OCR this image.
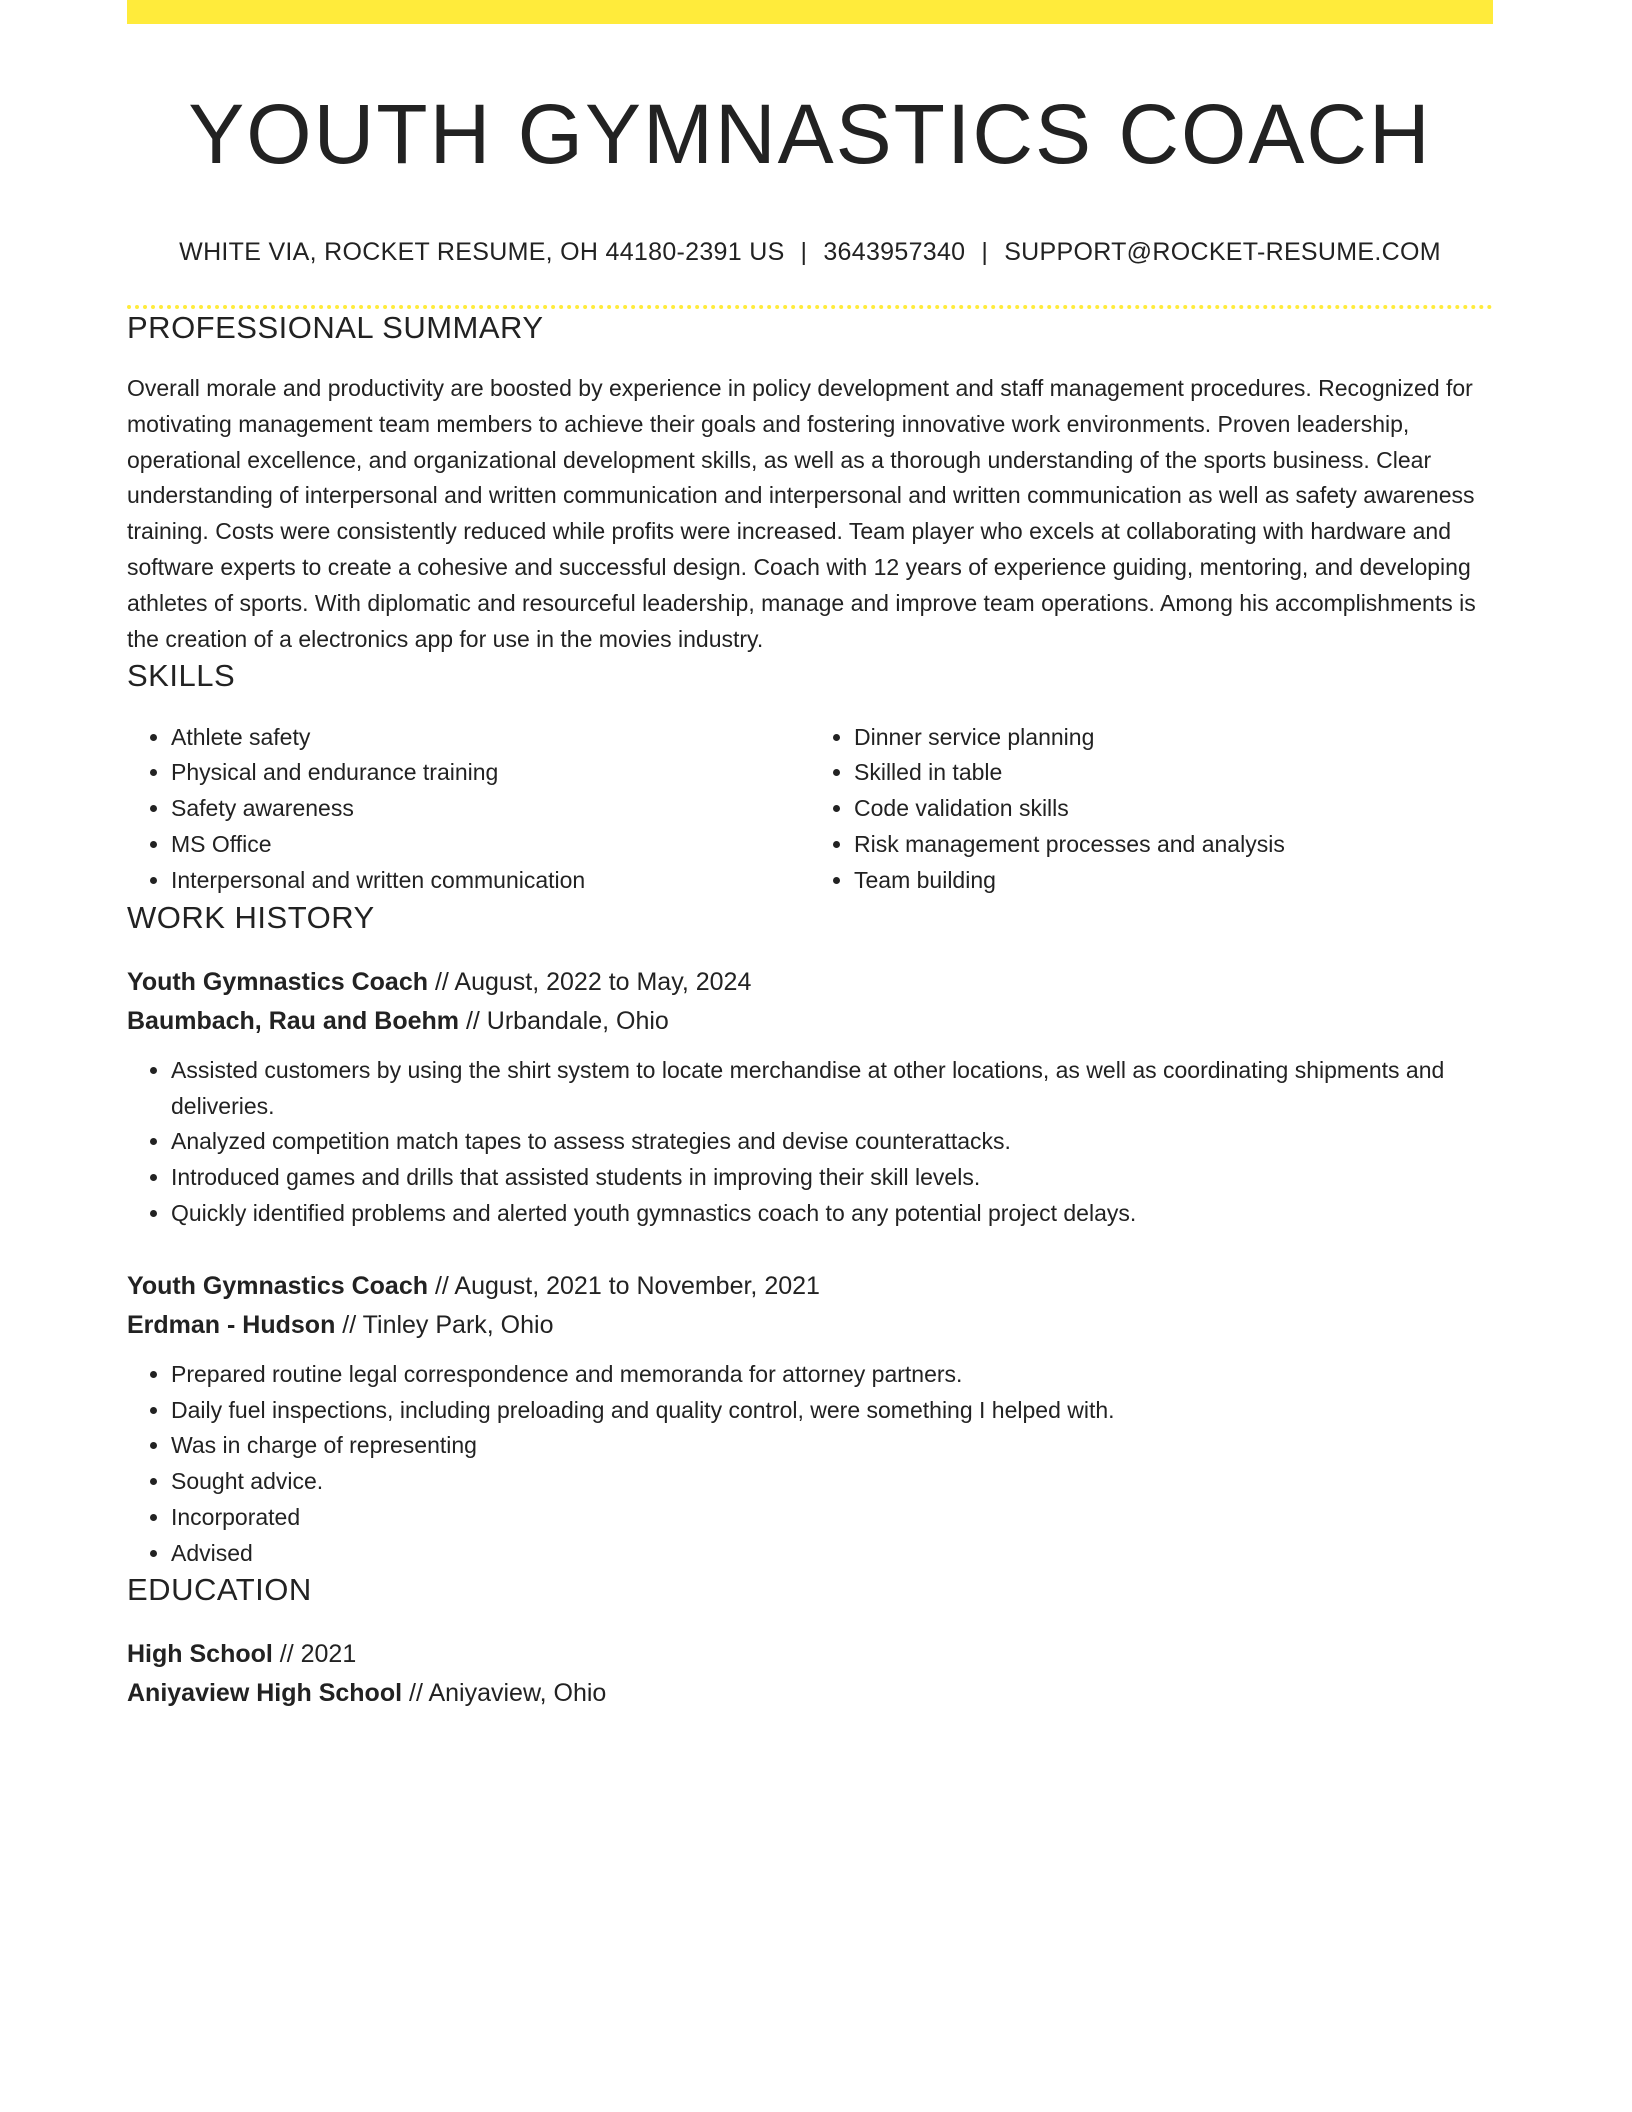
YOUTH GYMNASTICS COACH
WHITE VIA, ROCKET RESUME, OH 44180-2391 US | 3643957340 | SUPPORT@ROCKET-RESUME.COM
PROFESSIONAL SUMMARY

Overall morale and productivity are boosted by experience in policy development and staff management procedures. Recognized for motivating management team members to achieve their goals and fostering innovative work environments. Proven leadership, operational excellence, and organizational development skills, as well as a thorough understanding of the sports business. Clear understanding of interpersonal and written communication and interpersonal and written communication as well as safety awareness training. Costs were consistently reduced while profits were increased. Team player who excels at collaborating with hardware and software experts to create a cohesive and successful design. Coach with 12 years of experience guiding, mentoring, and developing athletes of sports. With diplomatic and resourceful leadership, manage and improve team operations. Among his accomplishments is the creation of a electronics app for use in the movies industry.

SKILLS
• Athlete safety
• Physical and endurance training
• Safety awareness
• MS Office
• Interpersonal and written communication
• Dinner service planning
• Skilled in table
• Code validation skills
• Risk management processes and analysis
• Team building
WORK HISTORY
Youth Gymnastics Coach // August, 2022 to May, 2024
Baumbach, Rau and Boehm // Urbandale, Ohio
• Assisted customers by using the shirt system to locate merchandise at other locations, as well as coordinating shipments and deliveries.
• Analyzed competition match tapes to assess strategies and devise counterattacks.
• Introduced games and drills that assisted students in improving their skill levels.
• Quickly identified problems and alerted youth gymnastics coach to any potential project delays.
Youth Gymnastics Coach // August, 2021 to November, 2021
Erdman - Hudson // Tinley Park, Ohio
• Prepared routine legal correspondence and memoranda for attorney partners.
• Daily fuel inspections, including preloading and quality control, were something I helped with.
• Was in charge of representing
• Sought advice.
• Incorporated
• Advised
EDUCATION
High School // 2021
Aniyaview High School // Aniyaview, Ohio
